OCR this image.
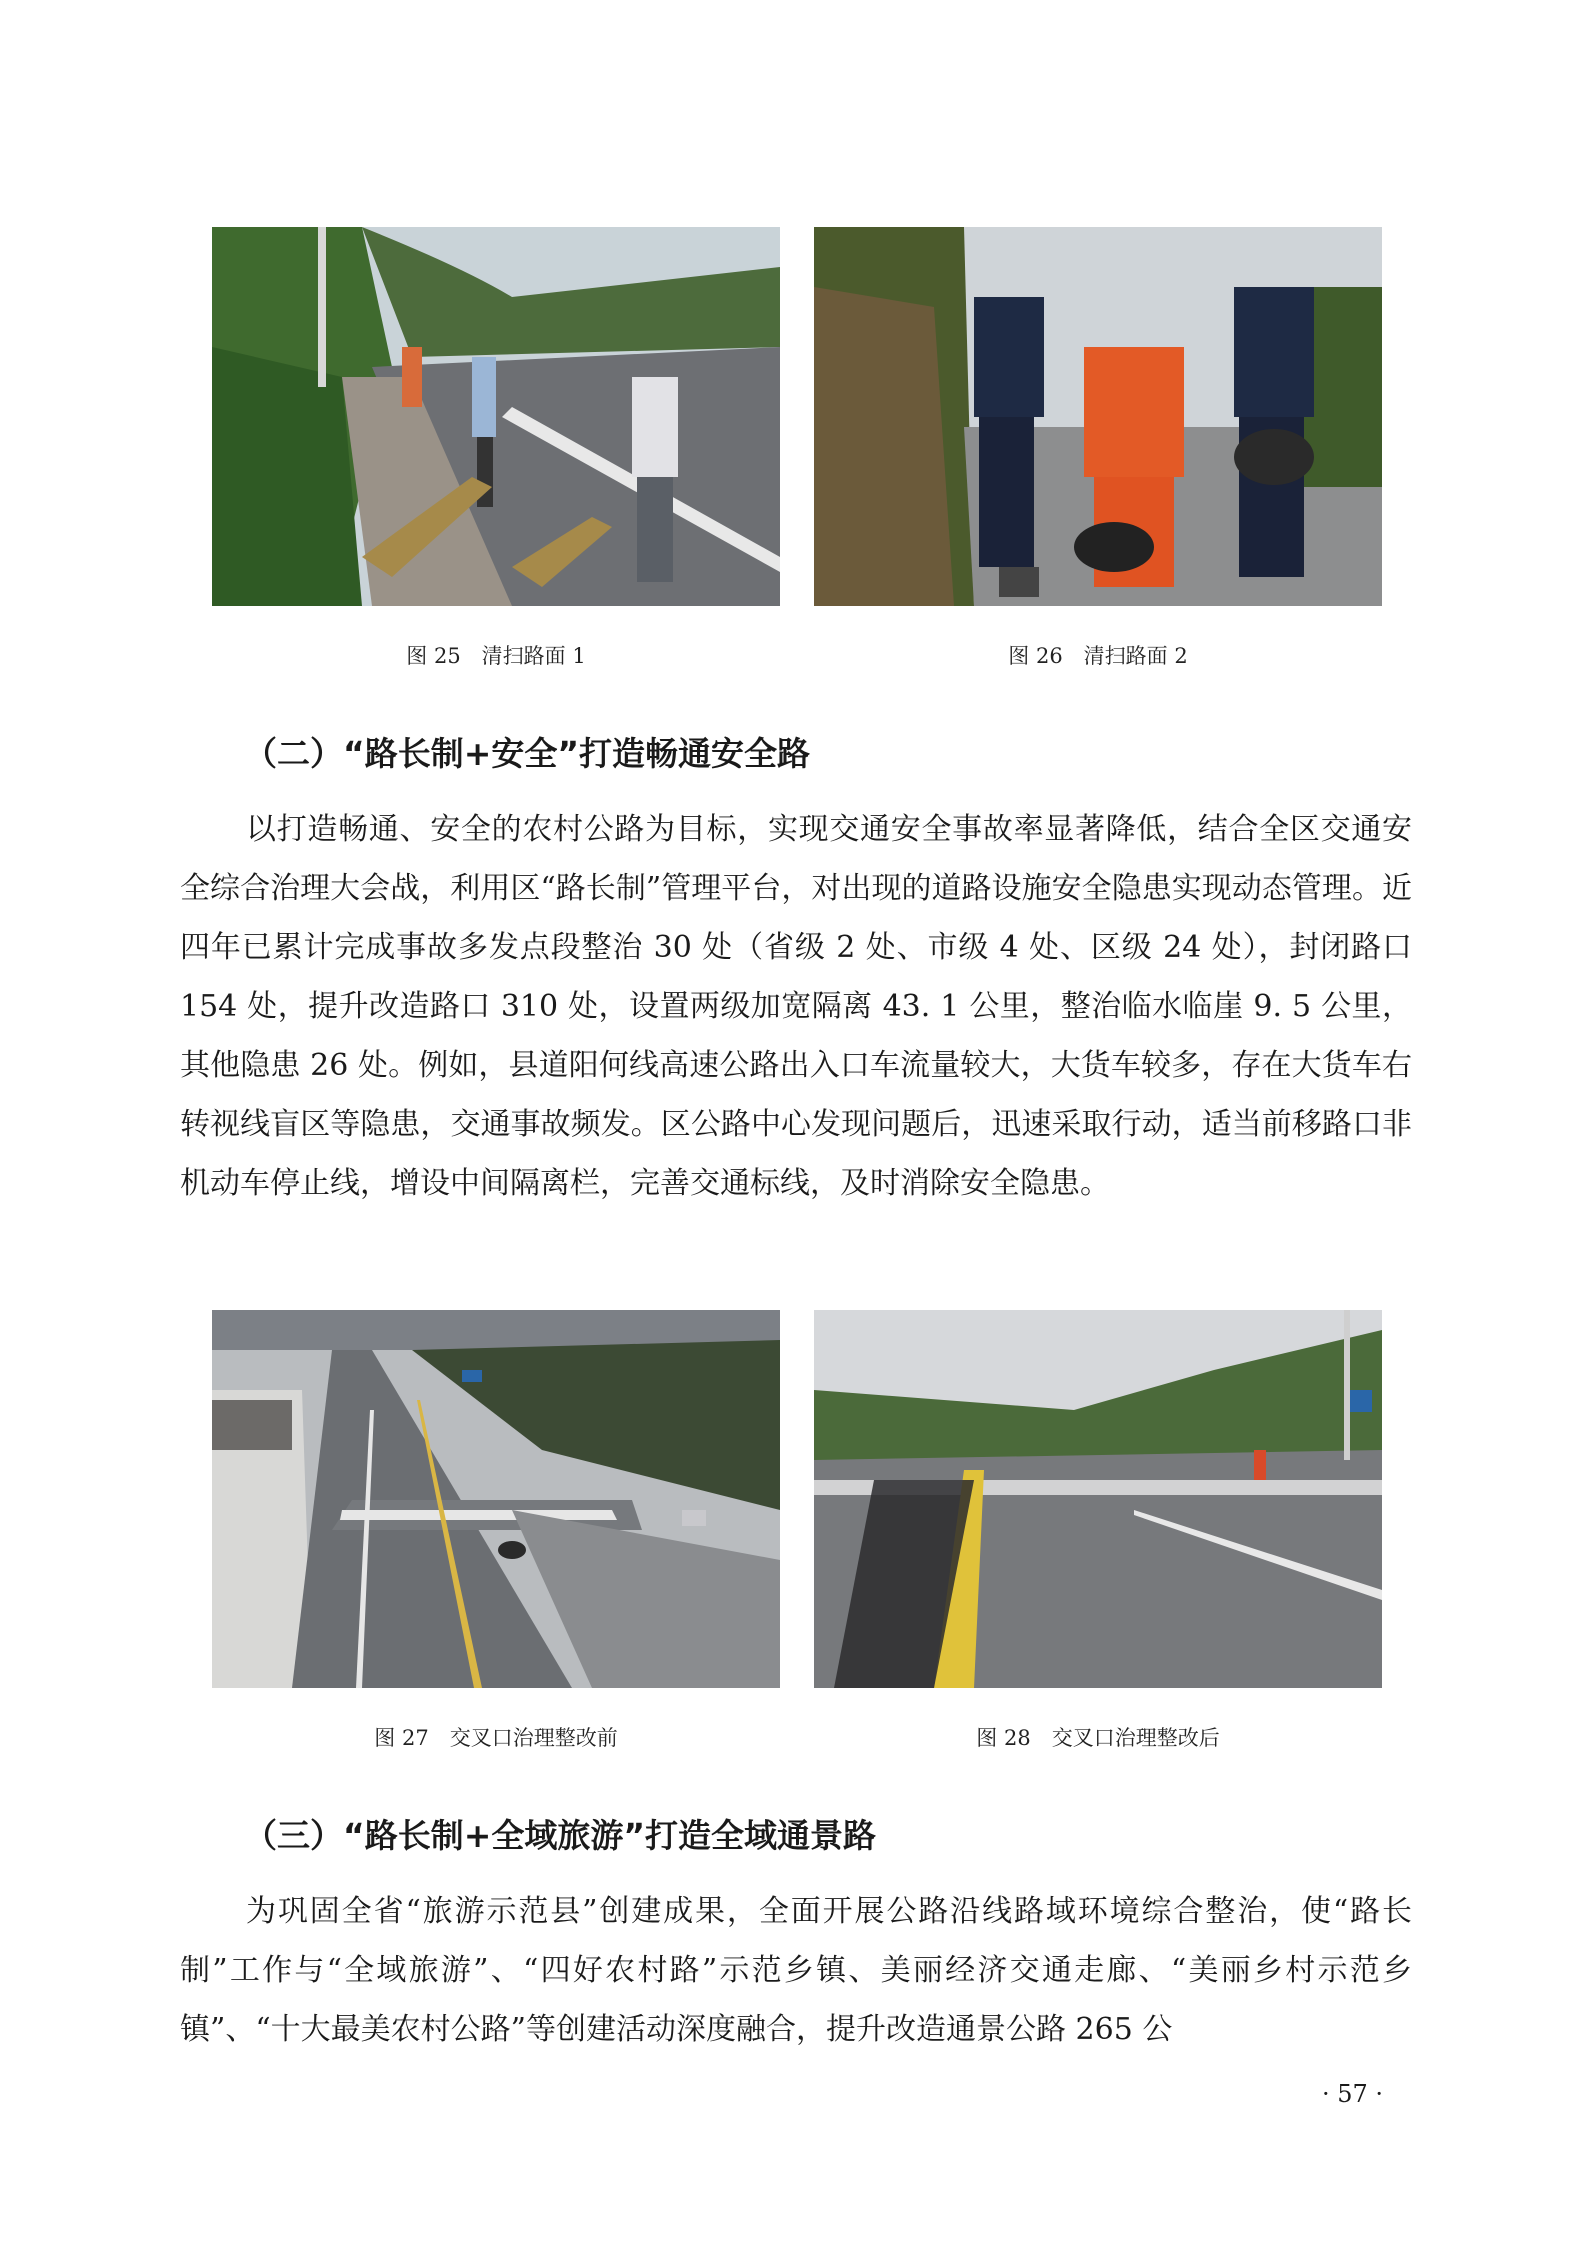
图 25　清扫路面 1	图 26　清扫路面 2
（二）“路长制+安全”打造畅通安全路

以打造畅通、安全的农村公路为目标，实现交通安全事故率显著降低，结合全区交通安全综合治理大会战，利用区“路长制”管理平台，对出现的道路设施安全隐患实现动态管理。近四年已累计完成事故多发点段整治 30 处（省级 2 处、市级 4 处、区级 24 处），封闭路口 154 处，提升改造路口 310 处，设置两级加宽隔离 43. 1 公里，整治临水临崖 9. 5 公里，其他隐患 26 处。例如，县道阳何线高速公路出入口车流量较大，大货车较多，存在大货车右转视线盲区等隐患，交通事故频发。区公路中心发现问题后，迅速采取行动，适当前移路口非机动车停止线，增设中间隔离栏，完善交通标线，及时消除安全隐患。

图 27　交叉口治理整改前	图 28　交叉口治理整改后
（三）“路长制+全域旅游”打造全域通景路

为巩固全省“旅游示范县”创建成果，全面开展公路沿线路域环境综合整治，使“路长制”工作与“全域旅游”、“四好农村路”示范乡镇、美丽经济交通走廊、“美丽乡村示范乡镇”、“十大最美农村公路”等创建活动深度融合，提升改造通景公路 265 公

· 57 ·
